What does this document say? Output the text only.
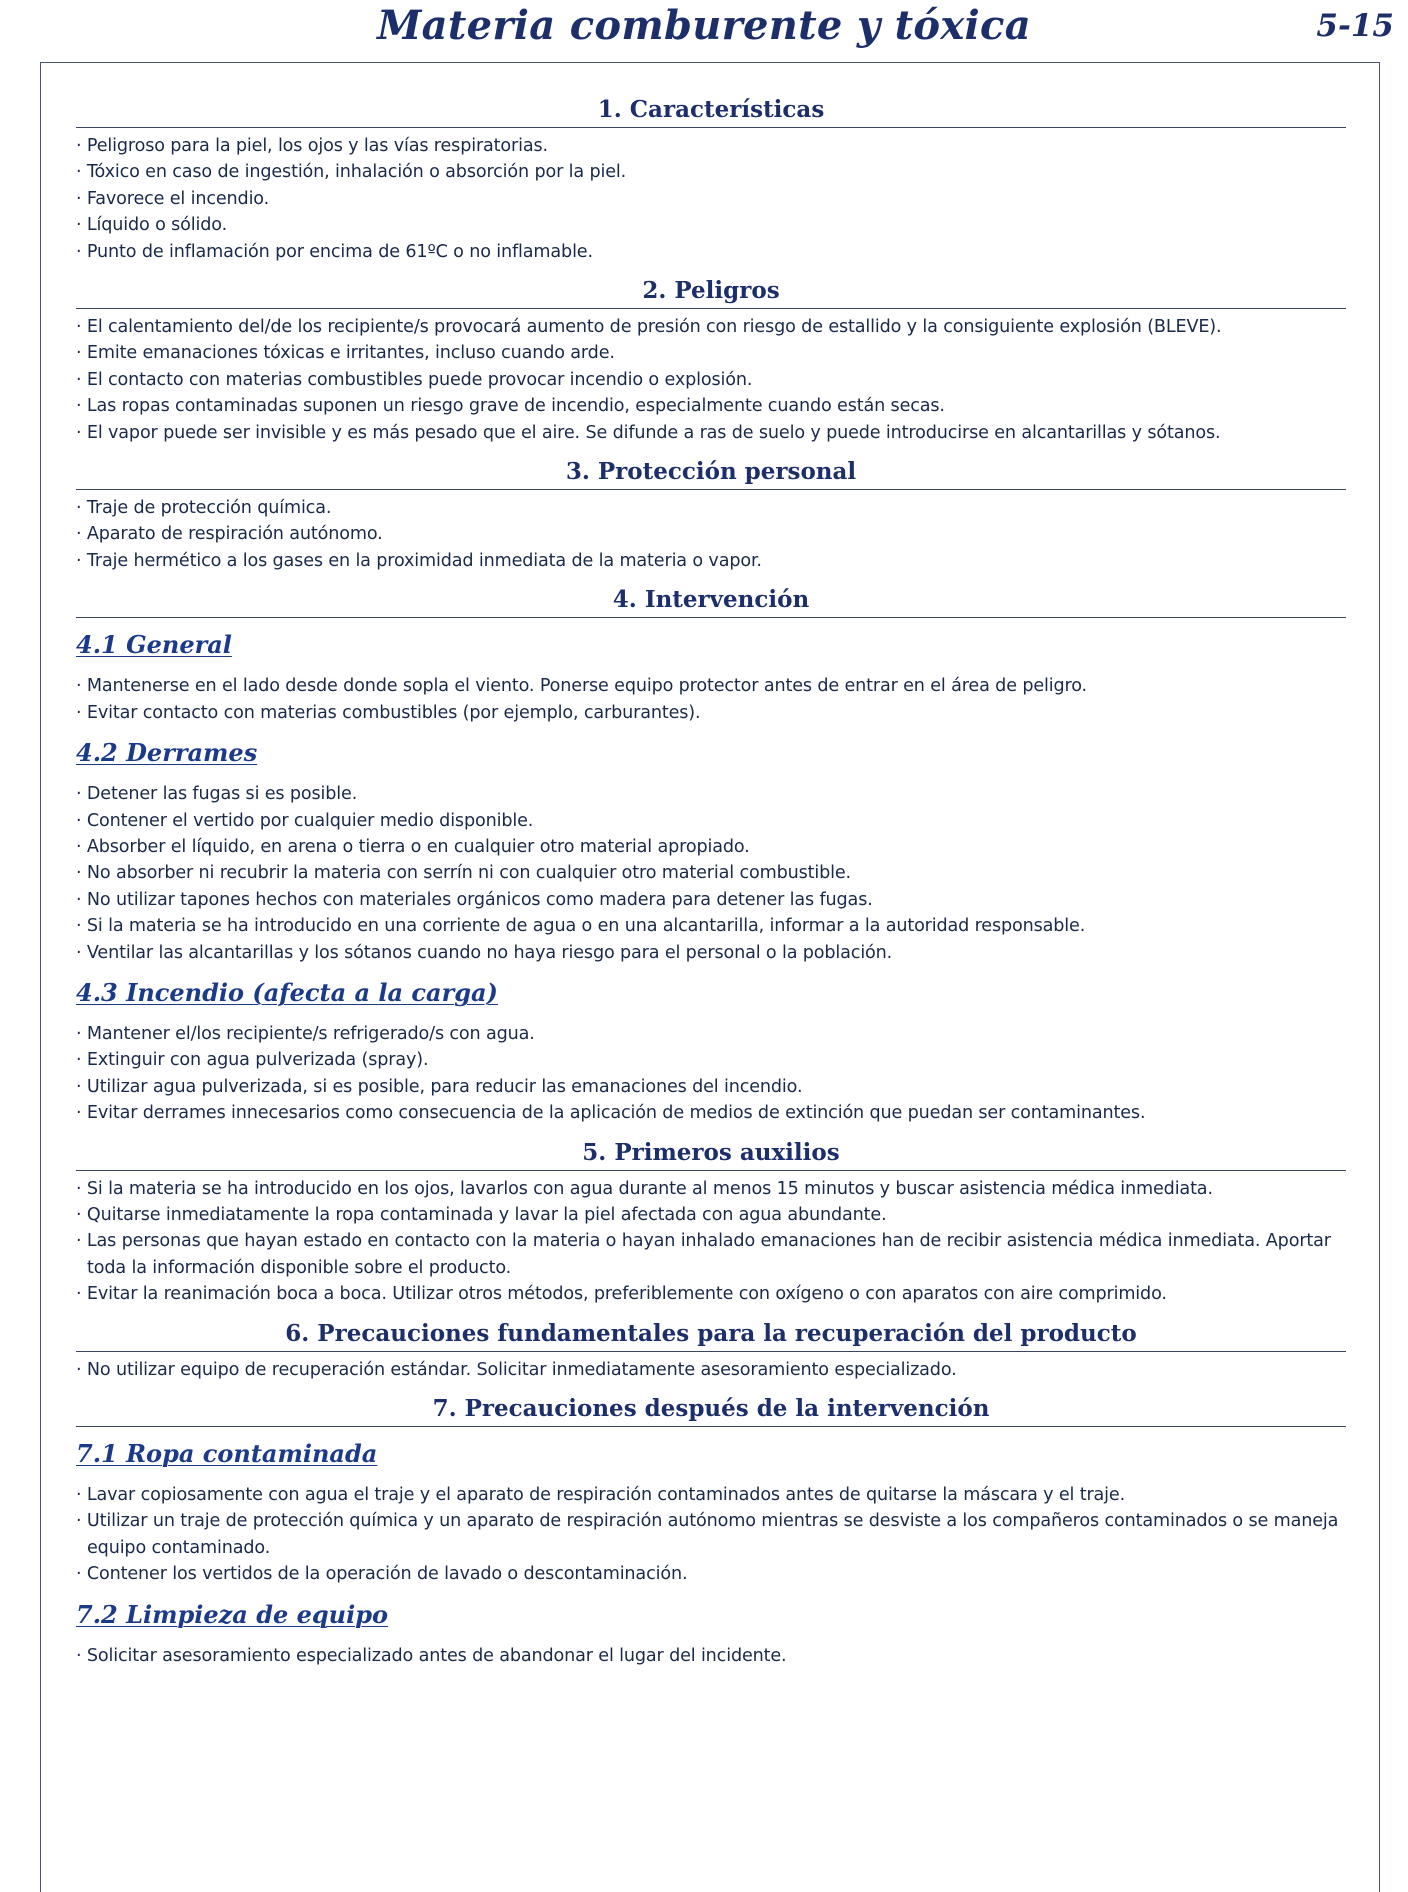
Materia comburente y tóxica	5-15
1. Características
· Peligroso para la piel, los ojos y las vías respiratorias.
· Tóxico en caso de ingestión, inhalación o absorción por la piel.
· Favorece el incendio.
· Líquido o sólido.
· Punto de inflamación por encima de 61ºC o no inflamable.
2. Peligros
· El calentamiento del/de los recipiente/s provocará aumento de presión con riesgo de estallido y la consiguiente explosión (BLEVE).
· Emite emanaciones tóxicas e irritantes, incluso cuando arde.
· El contacto con materias combustibles puede provocar incendio o explosión.
· Las ropas contaminadas suponen un riesgo grave de incendio, especialmente cuando están secas.
· El vapor puede ser invisible y es más pesado que el aire. Se difunde a ras de suelo y puede introducirse en alcantarillas y sótanos.
3. Protección personal
· Traje de protección química.
· Aparato de respiración autónomo.
· Traje hermético a los gases en la proximidad inmediata de la materia o vapor.
4. Intervención
4.1 General
· Mantenerse en el lado desde donde sopla el viento. Ponerse equipo protector antes de entrar en el área de peligro.
· Evitar contacto con materias combustibles (por ejemplo, carburantes).
4.2 Derrames
· Detener las fugas si es posible.
· Contener el vertido por cualquier medio disponible.
· Absorber el líquido, en arena o tierra o en cualquier otro material apropiado.
· No absorber ni recubrir la materia con serrín ni con cualquier otro material combustible.
· No utilizar tapones hechos con materiales orgánicos como madera para detener las fugas.
· Si la materia se ha introducido en una corriente de agua o en una alcantarilla, informar a la autoridad responsable.
· Ventilar las alcantarillas y los sótanos cuando no haya riesgo para el personal o la población.
4.3 Incendio (afecta a la carga)
· Mantener el/los recipiente/s refrigerado/s con agua.
· Extinguir con agua pulverizada (spray).
· Utilizar agua pulverizada, si es posible, para reducir las emanaciones del incendio.
· Evitar derrames innecesarios como consecuencia de la aplicación de medios de extinción que puedan ser contaminantes.
5. Primeros auxilios
· Si la materia se ha introducido en los ojos, lavarlos con agua durante al menos 15 minutos y buscar asistencia médica inmediata.
· Quitarse inmediatamente la ropa contaminada y lavar la piel afectada con agua abundante.
· Las personas que hayan estado en contacto con la materia o hayan inhalado emanaciones han de recibir asistencia médica inmediata. Aportar toda la información disponible sobre el producto.
· Evitar la reanimación boca a boca. Utilizar otros métodos, preferiblemente con oxígeno o con aparatos con aire comprimido.
6. Precauciones fundamentales para la recuperación del producto
· No utilizar equipo de recuperación estándar. Solicitar inmediatamente asesoramiento especializado.
7. Precauciones después de la intervención
7.1 Ropa contaminada
· Lavar copiosamente con agua el traje y el aparato de respiración contaminados antes de quitarse la máscara y el traje.
· Utilizar un traje de protección química y un aparato de respiración autónomo mientras se desviste a los compañeros contaminados o se maneja equipo contaminado.
· Contener los vertidos de la operación de lavado o descontaminación.
7.2 Limpieza de equipo
· Solicitar asesoramiento especializado antes de abandonar el lugar del incidente.
